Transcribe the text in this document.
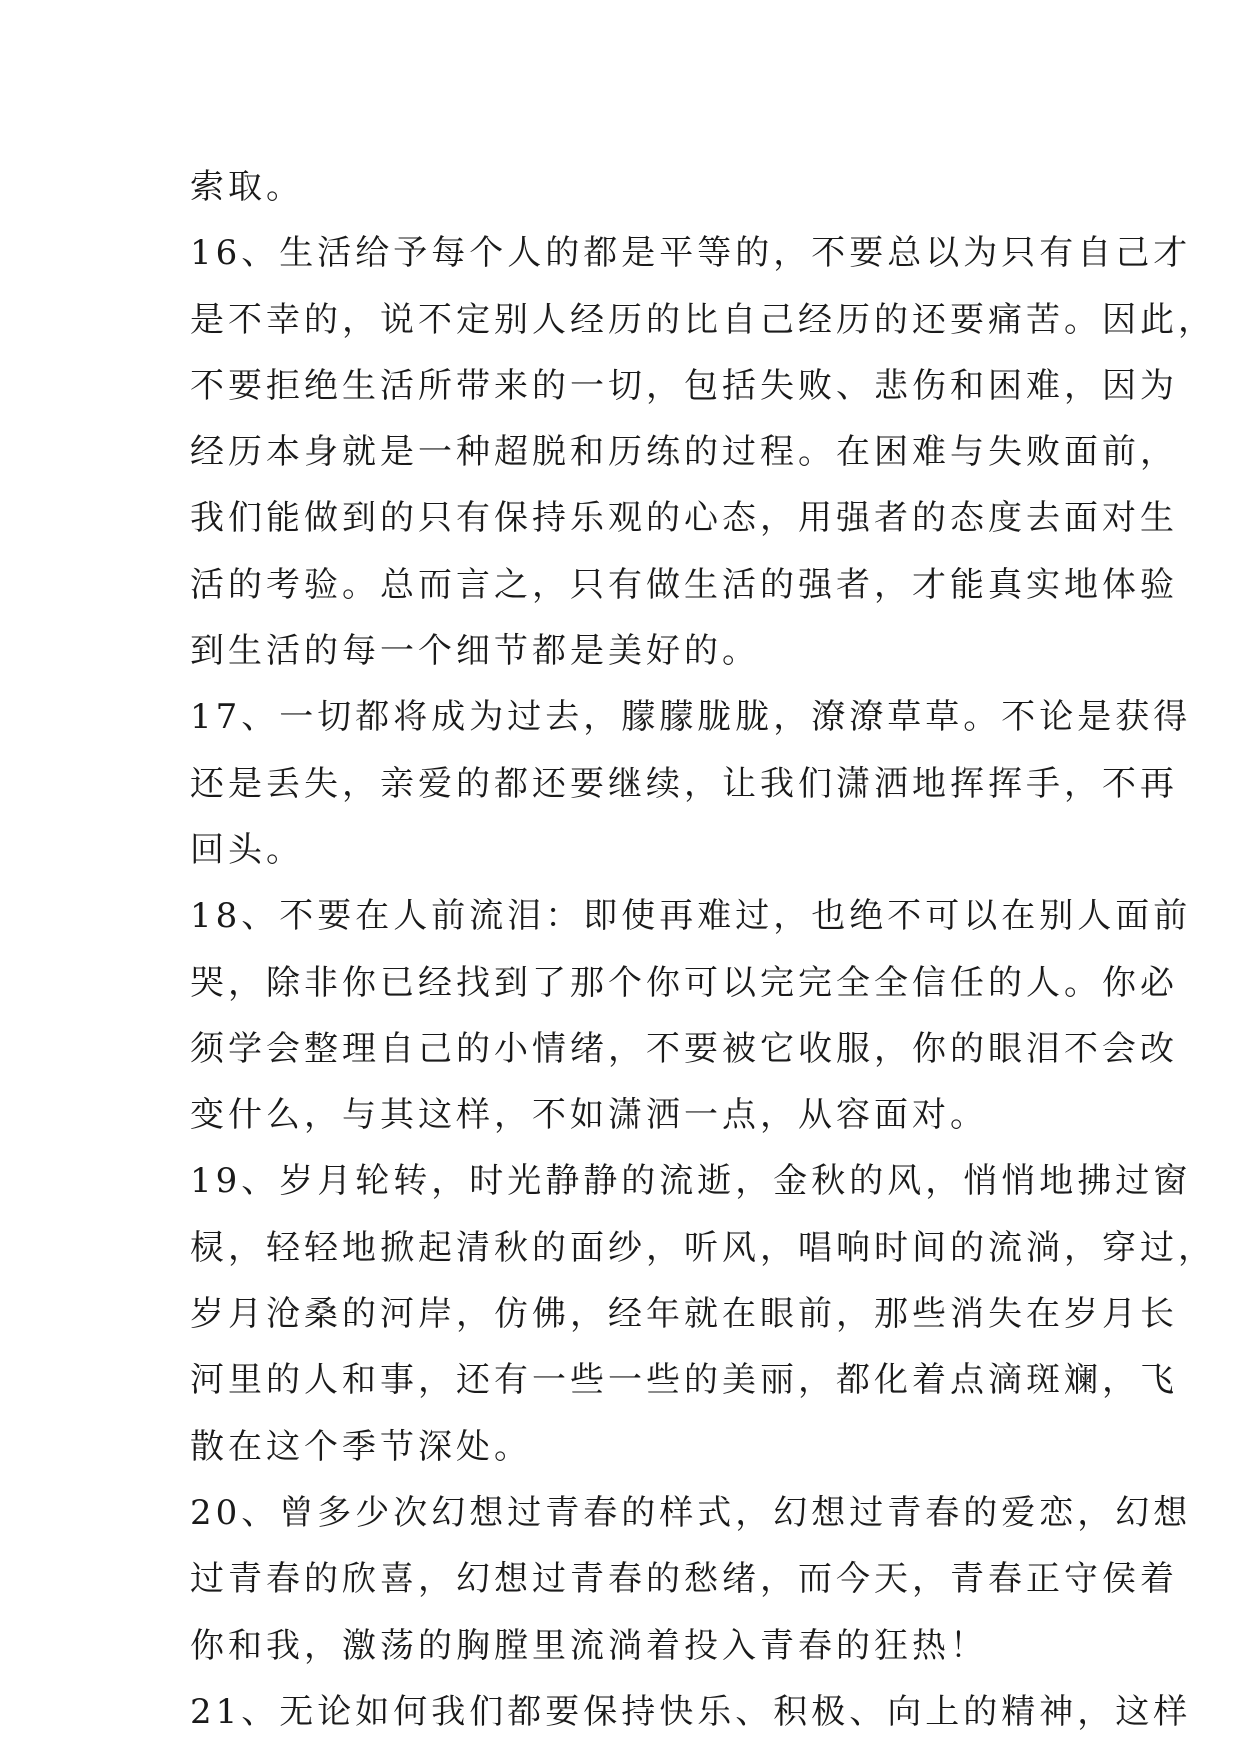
索取。
16、生活给予每个人的都是平等的，不要总以为只有自己才
是不幸的，说不定别人经历的比自己经历的还要痛苦。因此，
不要拒绝生活所带来的一切，包括失败、悲伤和困难，因为
经历本身就是一种超脱和历练的过程。在困难与失败面前，
我们能做到的只有保持乐观的心态，用强者的态度去面对生
活的考验。总而言之，只有做生活的强者，才能真实地体验
到生活的每一个细节都是美好的。
17、一切都将成为过去，朦朦胧胧，潦潦草草。不论是获得
还是丢失，亲爱的都还要继续，让我们潇洒地挥挥手，不再
回头。
18、不要在人前流泪：即使再难过，也绝不可以在别人面前
哭，除非你已经找到了那个你可以完完全全信任的人。你必
须学会整理自己的小情绪，不要被它收服，你的眼泪不会改
变什么，与其这样，不如潇洒一点，从容面对。
19、岁月轮转，时光静静的流逝，金秋的风，悄悄地拂过窗
棂，轻轻地掀起清秋的面纱，听风，唱响时间的流淌，穿过，
岁月沧桑的河岸，仿佛，经年就在眼前，那些消失在岁月长
河里的人和事，还有一些一些的美丽，都化着点滴斑斓，飞
散在这个季节深处。
20、曾多少次幻想过青春的样式，幻想过青春的爱恋，幻想
过青春的欣喜，幻想过青春的愁绪，而今天，青春正守侯着
你和我，激荡的胸膛里流淌着投入青春的狂热！
21、无论如何我们都要保持快乐、积极、向上的精神，这样
